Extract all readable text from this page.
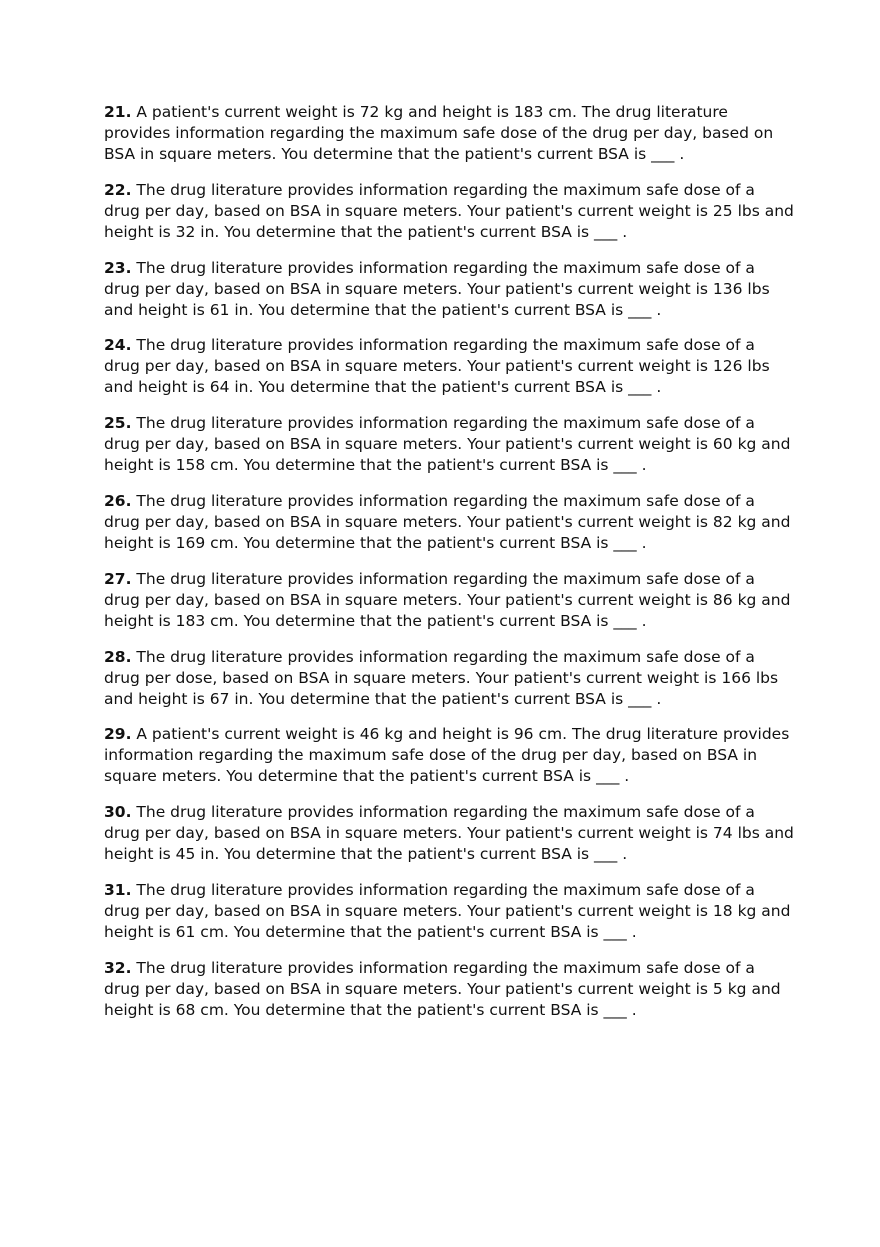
21. A patient's current weight is 72 kg and height is 183 cm. The drug literature provides information regarding the maximum safe dose of the drug per day, based on BSA in square meters. You determine that the patient's current BSA is ___ .

22. The drug literature provides information regarding the maximum safe dose of a drug per day, based on BSA in square meters. Your patient's current weight is 25 lbs and height is 32 in. You determine that the patient's current BSA is ___ .

23. The drug literature provides information regarding the maximum safe dose of a drug per day, based on BSA in square meters. Your patient's current weight is 136 lbs and height is 61 in. You determine that the patient's current BSA is ___ .

24. The drug literature provides information regarding the maximum safe dose of a drug per day, based on BSA in square meters. Your patient's current weight is 126 lbs and height is 64 in. You determine that the patient's current BSA is ___ .

25. The drug literature provides information regarding the maximum safe dose of a drug per day, based on BSA in square meters. Your patient's current weight is 60 kg and height is 158 cm. You determine that the patient's current BSA is ___ .

26. The drug literature provides information regarding the maximum safe dose of a drug per day, based on BSA in square meters. Your patient's current weight is 82 kg and height is 169 cm. You determine that the patient's current BSA is ___ .

27. The drug literature provides information regarding the maximum safe dose of a drug per day, based on BSA in square meters. Your patient's current weight is 86 kg and height is 183 cm. You determine that the patient's current BSA is ___ .

28. The drug literature provides information regarding the maximum safe dose of a drug per dose, based on BSA in square meters. Your patient's current weight is 166 lbs and height is 67 in. You determine that the patient's current BSA is ___ .

29. A patient's current weight is 46 kg and height is 96 cm. The drug literature provides information regarding the maximum safe dose of the drug per day, based on BSA in square meters. You determine that the patient's current BSA is ___ .

30. The drug literature provides information regarding the maximum safe dose of a drug per day, based on BSA in square meters. Your patient's current weight is 74 lbs and height is 45 in. You determine that the patient's current BSA is ___ .

31. The drug literature provides information regarding the maximum safe dose of a drug per day, based on BSA in square meters. Your patient's current weight is 18 kg and height is 61 cm. You determine that the patient's current BSA is ___ .

32. The drug literature provides information regarding the maximum safe dose of a drug per day, based on BSA in square meters. Your patient's current weight is 5 kg and height is 68 cm. You determine that the patient's current BSA is ___ .
